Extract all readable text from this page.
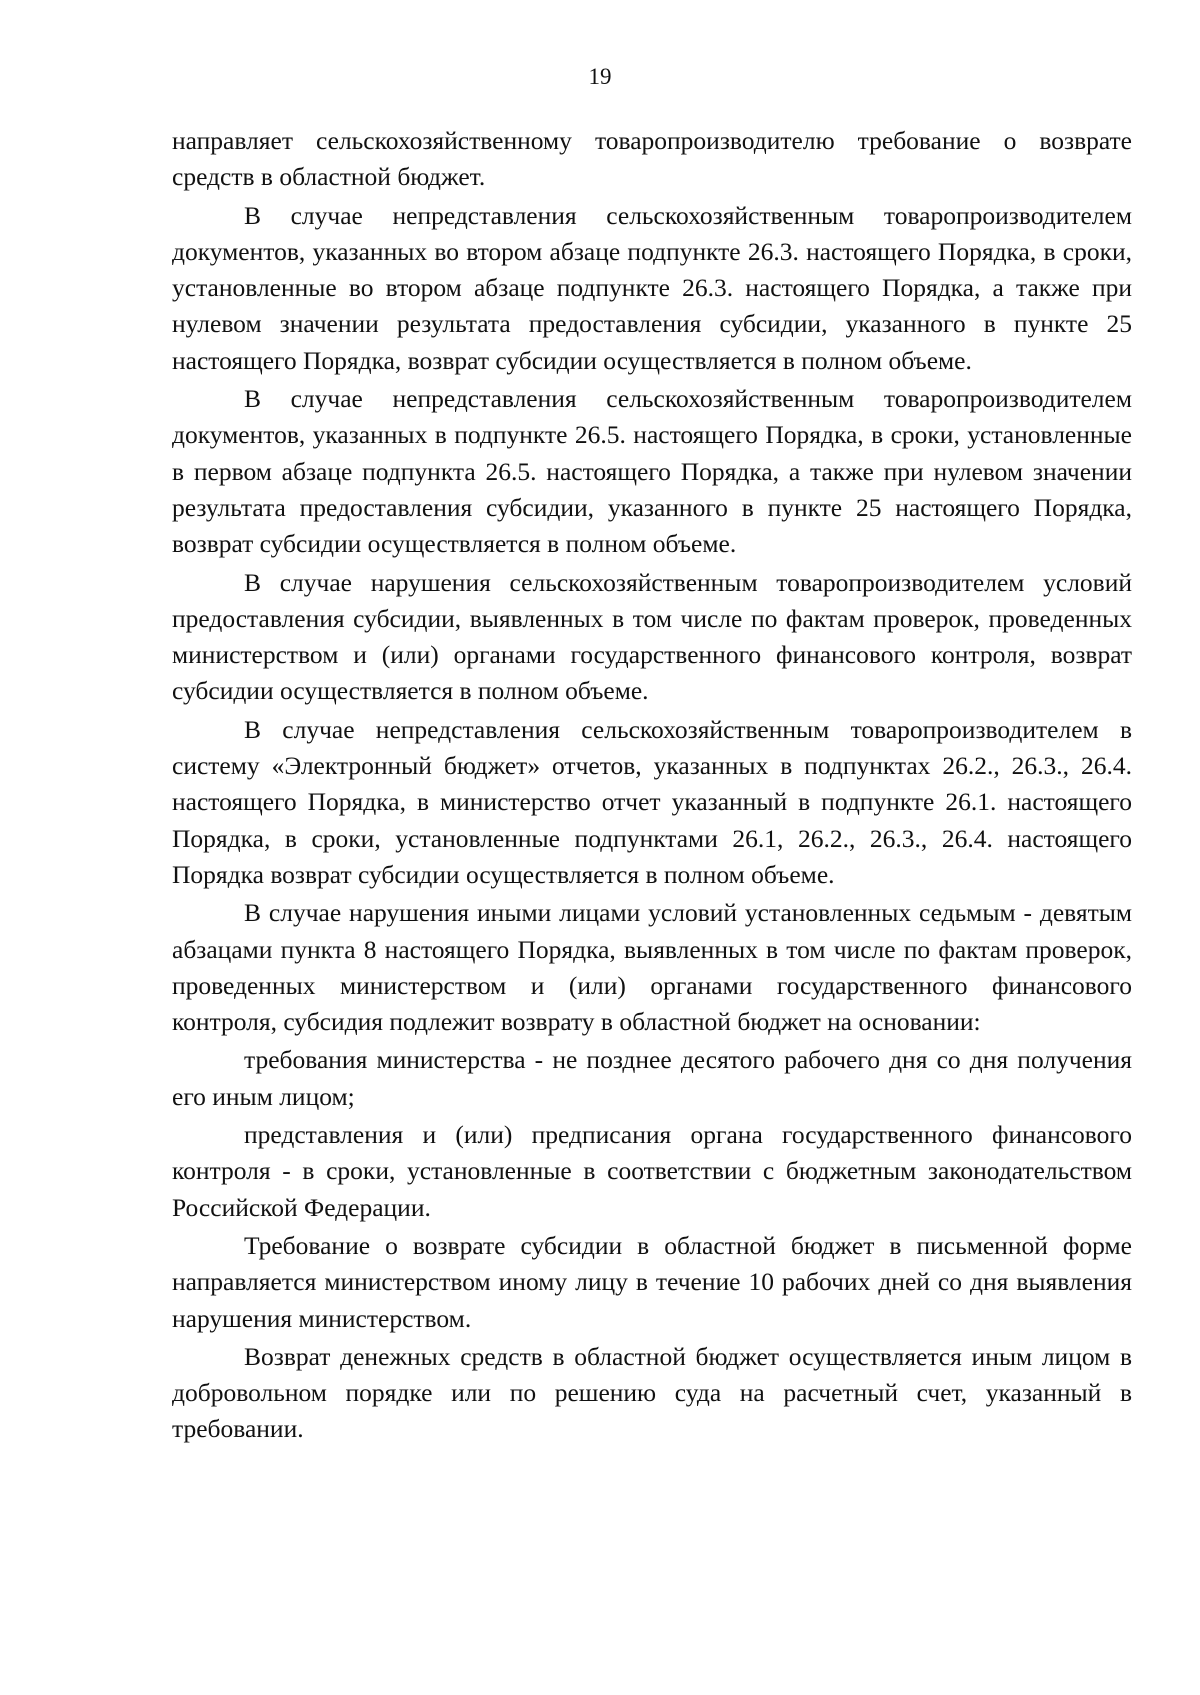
19

направляет сельскохозяйственному товаропроизводителю требование о возврате средств в областной бюджет.

В случае непредставления сельскохозяйственным товаропроизводителем документов, указанных во втором абзаце подпункте 26.3. настоящего Порядка, в сроки, установленные во втором абзаце подпункте 26.3. настоящего Порядка, а также при нулевом значении результата предоставления субсидии, указанного в пункте 25 настоящего Порядка, возврат субсидии осуществляется в полном объеме.

В случае непредставления сельскохозяйственным товаропроизводителем документов, указанных в подпункте 26.5. настоящего Порядка, в сроки, установленные в первом абзаце подпункта 26.5. настоящего Порядка, а также при нулевом значении результата предоставления субсидии, указанного в пункте 25 настоящего Порядка, возврат субсидии осуществляется в полном объеме.

В случае нарушения сельскохозяйственным товаропроизводителем условий предоставления субсидии, выявленных в том числе по фактам проверок, проведенных министерством и (или) органами государственного финансового контроля, возврат субсидии осуществляется в полном объеме.

В случае непредставления сельскохозяйственным товаропроизводителем в систему «Электронный бюджет» отчетов, указанных в подпунктах 26.2., 26.3., 26.4. настоящего Порядка, в министерство отчет указанный в подпункте 26.1. настоящего Порядка, в сроки, установленные подпунктами 26.1, 26.2., 26.3., 26.4. настоящего Порядка возврат субсидии осуществляется в полном объеме.

В случае нарушения иными лицами условий установленных седьмым - девятым абзацами пункта 8 настоящего Порядка, выявленных в том числе по фактам проверок, проведенных министерством и (или) органами государственного финансового контроля, субсидия подлежит возврату в областной бюджет на основании:

требования министерства - не позднее десятого рабочего дня со дня получения его иным лицом;

представления и (или) предписания органа государственного финансового контроля - в сроки, установленные в соответствии с бюджетным законодательством Российской Федерации.

Требование о возврате субсидии в областной бюджет в письменной форме направляется министерством иному лицу в течение 10 рабочих дней со дня выявления нарушения министерством.

Возврат денежных средств в областной бюджет осуществляется иным лицом в добровольном порядке или по решению суда на расчетный счет, указанный в требовании.
